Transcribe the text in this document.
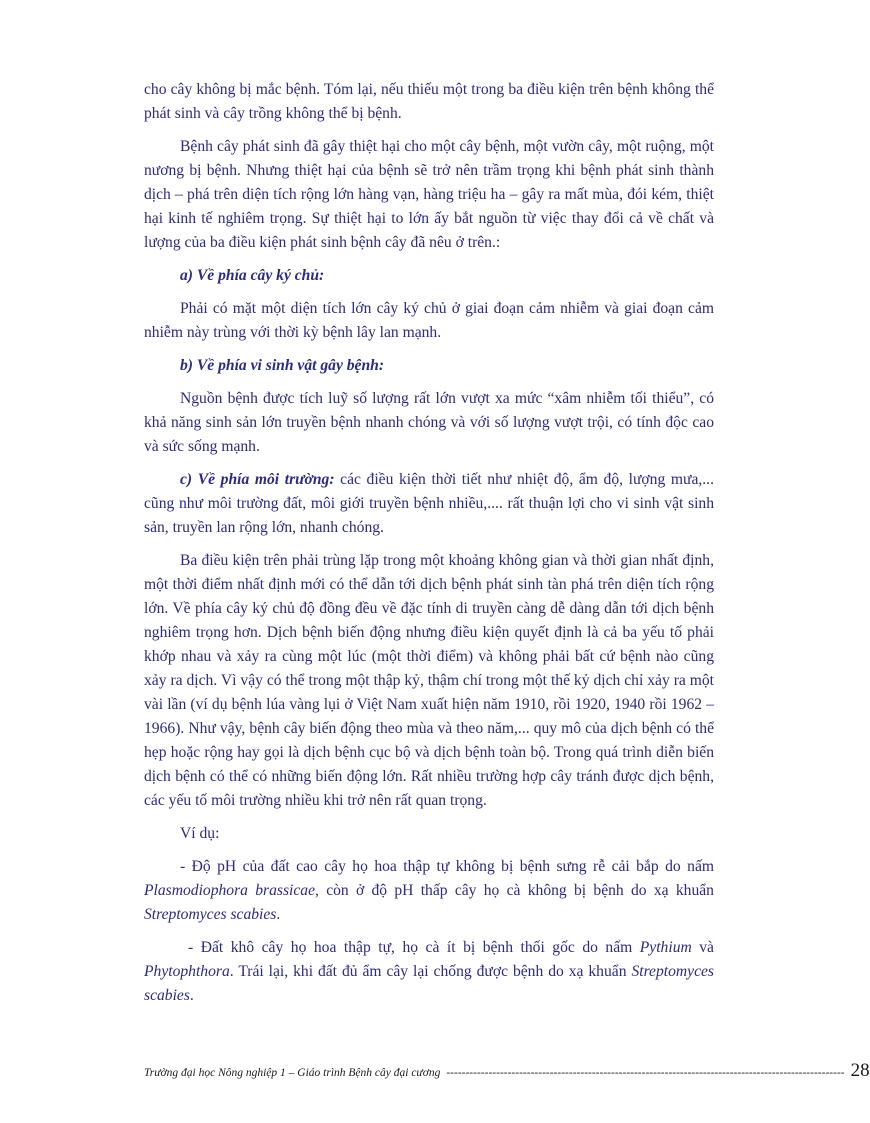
cho cây không bị mắc bệnh. Tóm lại, nếu thiếu một trong ba điều kiện trên bệnh không thể phát sinh và cây trồng không thể bị bệnh.

Bệnh cây phát sinh đã gây thiệt hại cho một cây bệnh, một vườn cây, một ruộng, một nương bị bệnh. Nhưng thiệt hại của bệnh sẽ trở nên trầm trọng khi bệnh phát sinh thành dịch – phá trên diện tích rộng lớn hàng vạn, hàng triệu ha – gây ra mất mùa, đói kém, thiệt hại kinh tế nghiêm trọng. Sự thiệt hại to lớn ấy bắt nguồn từ việc thay đổi cả về chất và lượng của ba điều kiện phát sinh bệnh cây đã nêu ở trên.:

a) Về phía cây ký chủ:

Phải có mặt một diện tích lớn cây ký chủ ở giai đoạn cảm nhiễm và giai đoạn cảm nhiễm này trùng với thời kỳ bệnh lây lan mạnh.

b) Về phía vi sinh vật gây bệnh:

Nguồn bệnh được tích luỹ số lượng rất lớn vượt xa mức “xâm nhiễm tối thiểu”, có khả năng sinh sản lớn truyền bệnh nhanh chóng và với số lượng vượt trội, có tính độc cao và sức sống mạnh.

c) Về phía môi trường: các điều kiện thời tiết như nhiệt độ, ẩm độ, lượng mưa,... cũng như môi trường đất, môi giới truyền bệnh nhiều,.... rất thuận lợi cho vi sinh vật sinh sản, truyền lan rộng lớn, nhanh chóng.

Ba điều kiện trên phải trùng lặp trong một khoảng không gian và thời gian nhất định, một thời điểm nhất định mới có thể dẫn tới dịch bệnh phát sinh tàn phá trên diện tích rộng lớn. Về phía cây ký chủ độ đồng đều về đặc tính di truyền càng dễ dàng dẫn tới dịch bệnh nghiêm trọng hơn. Dịch bệnh biến động nhưng điều kiện quyết định là cả ba yếu tố phải khớp nhau và xảy ra cùng một lúc (một thời điểm) và không phải bất cứ bệnh nào cũng xảy ra dịch. Vì vậy có thể trong một thập kỷ, thậm chí trong một thế kỷ dịch chỉ xảy ra một vài lần (ví dụ bệnh lúa vàng lụi ở Việt Nam xuất hiện năm 1910, rồi 1920, 1940 rồi 1962 – 1966). Như vậy, bệnh cây biến động theo mùa và theo năm,... quy mô của dịch bệnh có thể hẹp hoặc rộng hay gọi là dịch bệnh cục bộ và dịch bệnh toàn bộ. Trong quá trình diễn biến dịch bệnh có thể có những biến động lớn. Rất nhiều trường hợp cây tránh được dịch bệnh, các yếu tố môi trường nhiều khi trở nên rất quan trọng.

Ví dụ:

- Độ pH của đất cao cây họ hoa thập tự không bị bệnh sưng rễ cải bắp do nấm Plasmodiophora brassicae, còn ở độ pH thấp cây họ cà không bị bệnh do xạ khuẩn Streptomyces scabies.

- Đất khô cây họ hoa thập tự, họ cà ít bị bệnh thối gốc do nấm Pythium và Phytophthora. Trái lại, khi đất đủ ẩm cây lại chống được bệnh do xạ khuẩn Streptomyces scabies.

Trường đại học Nông nghiệp 1 – Giáo trình Bệnh cây đại cương -------------------------------------------------------------------------------------------------------- 28
